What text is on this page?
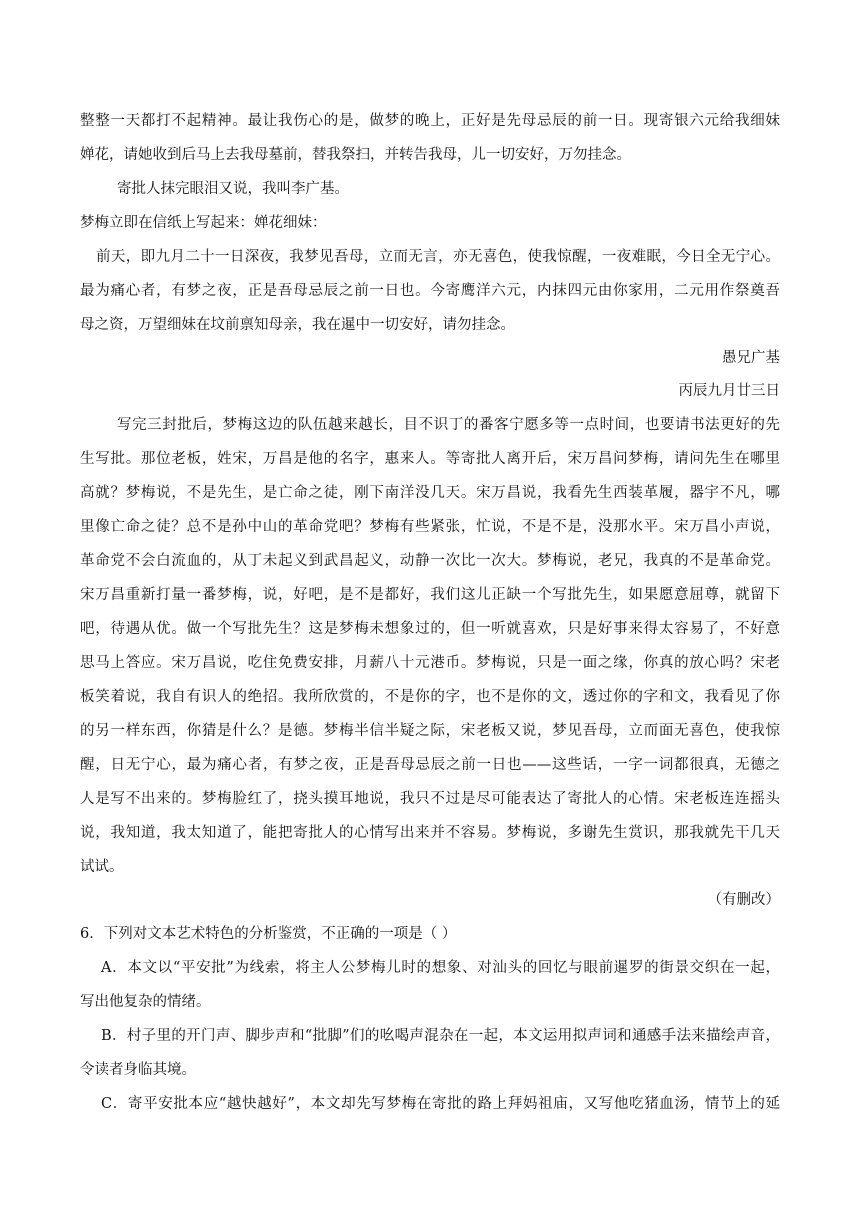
整整一天都打不起精神。最让我伤心的是，做梦的晚上，正好是先母忌辰的前一日。现寄银六元给我细妹
婵花，请她收到后马上去我母墓前，替我祭扫，并转告我母，儿一切安好，万勿挂念。
寄批人抹完眼泪又说，我叫李广基。
梦梅立即在信纸上写起来：婵花细妹：
前天，即九月二十一日深夜，我梦见吾母，立而无言，亦无喜色，使我惊醒，一夜难眠，今日全无宁心。
最为痛心者，有梦之夜，正是吾母忌辰之前一日也。今寄鹰洋六元，内抹四元由你家用，二元用作祭奠吾
母之资，万望细妹在坟前禀知母亲，我在暹中一切安好，请勿挂念。
愚兄广基
丙辰九月廿三日
写完三封批后，梦梅这边的队伍越来越长，目不识丁的番客宁愿多等一点时间，也要请书法更好的先
生写批。那位老板，姓宋，万昌是他的名字，惠来人。等寄批人离开后，宋万昌问梦梅，请问先生在哪里
高就？梦梅说，不是先生，是亡命之徒，刚下南洋没几天。宋万昌说，我看先生西装革履，器宇不凡，哪
里像亡命之徒？总不是孙中山的革命党吧？梦梅有些紧张，忙说，不是不是，没那水平。宋万昌小声说，
革命党不会白流血的，从丁未起义到武昌起义，动静一次比一次大。梦梅说，老兄，我真的不是革命党。
宋万昌重新打量一番梦梅，说，好吧，是不是都好，我们这儿正缺一个写批先生，如果愿意屈尊，就留下
吧，待遇从优。做一个写批先生？这是梦梅未想象过的，但一听就喜欢，只是好事来得太容易了，不好意
思马上答应。宋万昌说，吃住免费安排，月薪八十元港币。梦梅说，只是一面之缘，你真的放心吗？宋老
板笑着说，我自有识人的绝招。我所欣赏的，不是你的字，也不是你的文，透过你的字和文，我看见了你
的另一样东西，你猜是什么？是德。梦梅半信半疑之际，宋老板又说，梦见吾母，立而面无喜色，使我惊
醒，日无宁心，最为痛心者，有梦之夜，正是吾母忌辰之前一日也——这些话，一字一词都很真，无德之
人是写不出来的。梦梅脸红了，挠头摸耳地说，我只不过是尽可能表达了寄批人的心情。宋老板连连摇头
说，我知道，我太知道了，能把寄批人的心情写出来并不容易。梦梅说，多谢先生赏识，那我就先干几天
试试。
（有删改）
6．下列对文本艺术特色的分析鉴赏，不正确的一项是（ ）
A．本文以“平安批”为线索，将主人公梦梅儿时的想象、对汕头的回忆与眼前暹罗的街景交织在一起，
写出他复杂的情绪。
B．村子里的开门声、脚步声和“批脚”们的吆喝声混杂在一起，本文运用拟声词和通感手法来描绘声音，
令读者身临其境。
C．寄平安批本应“越快越好”，本文却先写梦梅在寄批的路上拜妈祖庙，又写他吃猪血汤，情节上的延
